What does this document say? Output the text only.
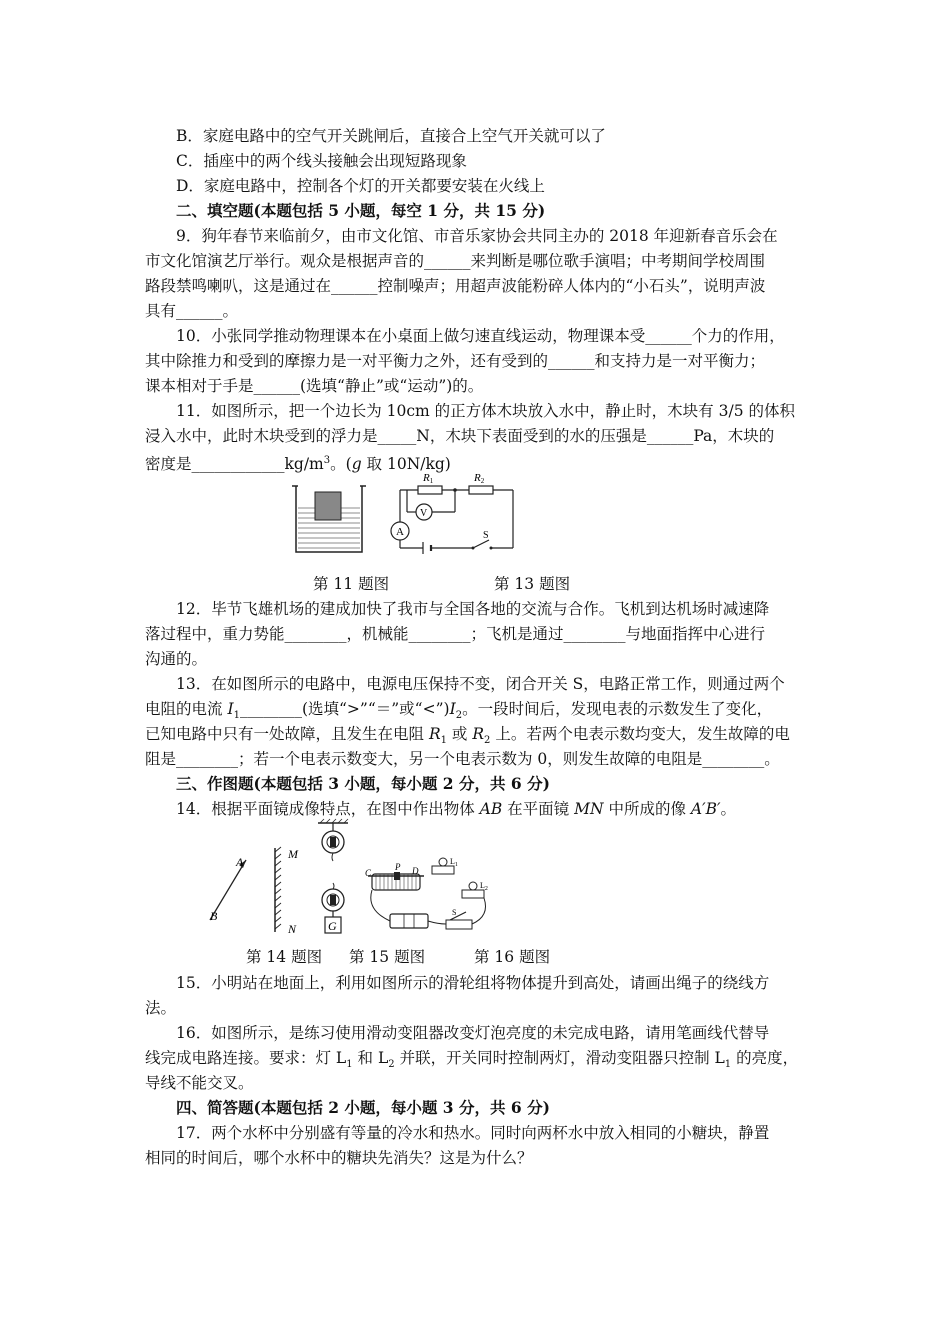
B．家庭电路中的空气开关跳闸后，直接合上空气开关就可以了
C．插座中的两个线头接触会出现短路现象
D．家庭电路中，控制各个灯的开关都要安装在火线上
二、填空题(本题包括 5 小题，每空 1 分，共 15 分)
9．狗年春节来临前夕，由市文化馆、市音乐家协会共同主办的 2018 年迎新春音乐会在
市文化馆演艺厅举行。观众是根据声音的______来判断是哪位歌手演唱；中考期间学校周围
路段禁鸣喇叭，这是通过在______控制噪声；用超声波能粉碎人体内的“小石头”，说明声波
具有______。
10．小张同学推动物理课本在小桌面上做匀速直线运动，物理课本受______个力的作用，
其中除推力和受到的摩擦力是一对平衡力之外，还有受到的______和支持力是一对平衡力；
课本相对于手是______(选填“静止”或“运动”)的。
11．如图所示，把一个边长为 10cm 的正方体木块放入水中，静止时，木块有 3/5 的体积
浸入水中，此时木块受到的浮力是_____N，木块下表面受到的水的压强是______Pa，木块的
密度是$\_\_\_\_\_\_\_\_\_\_\_\_kg/m^3$。(g 取 10N/kg)
R1	R2
V
A	S
第 11 题图	第 13 题图
12．毕节飞雄机场的建成加快了我市与全国各地的交流与合作。飞机到达机场时减速降
落过程中，重力势能________，机械能________；飞机是通过________与地面指挥中心进行
沟通的。
13．在如图所示的电路中，电源电压保持不变，闭合开关 S，电路正常工作，则通过两个
电阻的电流 $I_1\_\_\_\_\_\_\_\_$(选填“>”“＝”或“$<”)I_2$。一段时间后，发现电表的示数发生了变化，
已知电路中只有一处故障，且发生在电阻 $R_1$ 或 $R_2$ 上。若两个电表示数均变大，发生故障的电
阻是________；若一个电表示数变大，另一个电表示数为 0，则发生故障的电阻是________。
三、作图题(本题包括 3 小题，每小题 2 分，共 6 分)
14．根据平面镜成像特点，在图中作出物体 AB 在平面镜 MN 中所成的像 A′B′。
A
B
M
N	G
C
P D
$L_1$
$L_2$
S
第 14 题图 第 15 题图	第 16 题图
15．小明站在地面上，利用如图所示的滑轮组将物体提升到高处，请画出绳子的绕线方
法。
16．如图所示，是练习使用滑动变阻器改变灯泡亮度的未完成电路，请用笔画线代替导
线完成电路连接。要求：灯 $L_1$ 和 $L_2$ 并联，开关同时控制两灯，滑动变阻器只控制 $L_1$ 的亮度，
导线不能交叉。
四、简答题(本题包括 2 小题，每小题 3 分，共 6 分)
17．两个水杯中分别盛有等量的冷水和热水。同时向两杯水中放入相同的小糖块，静置
相同的时间后，哪个水杯中的糖块先消失？这是为什么？
